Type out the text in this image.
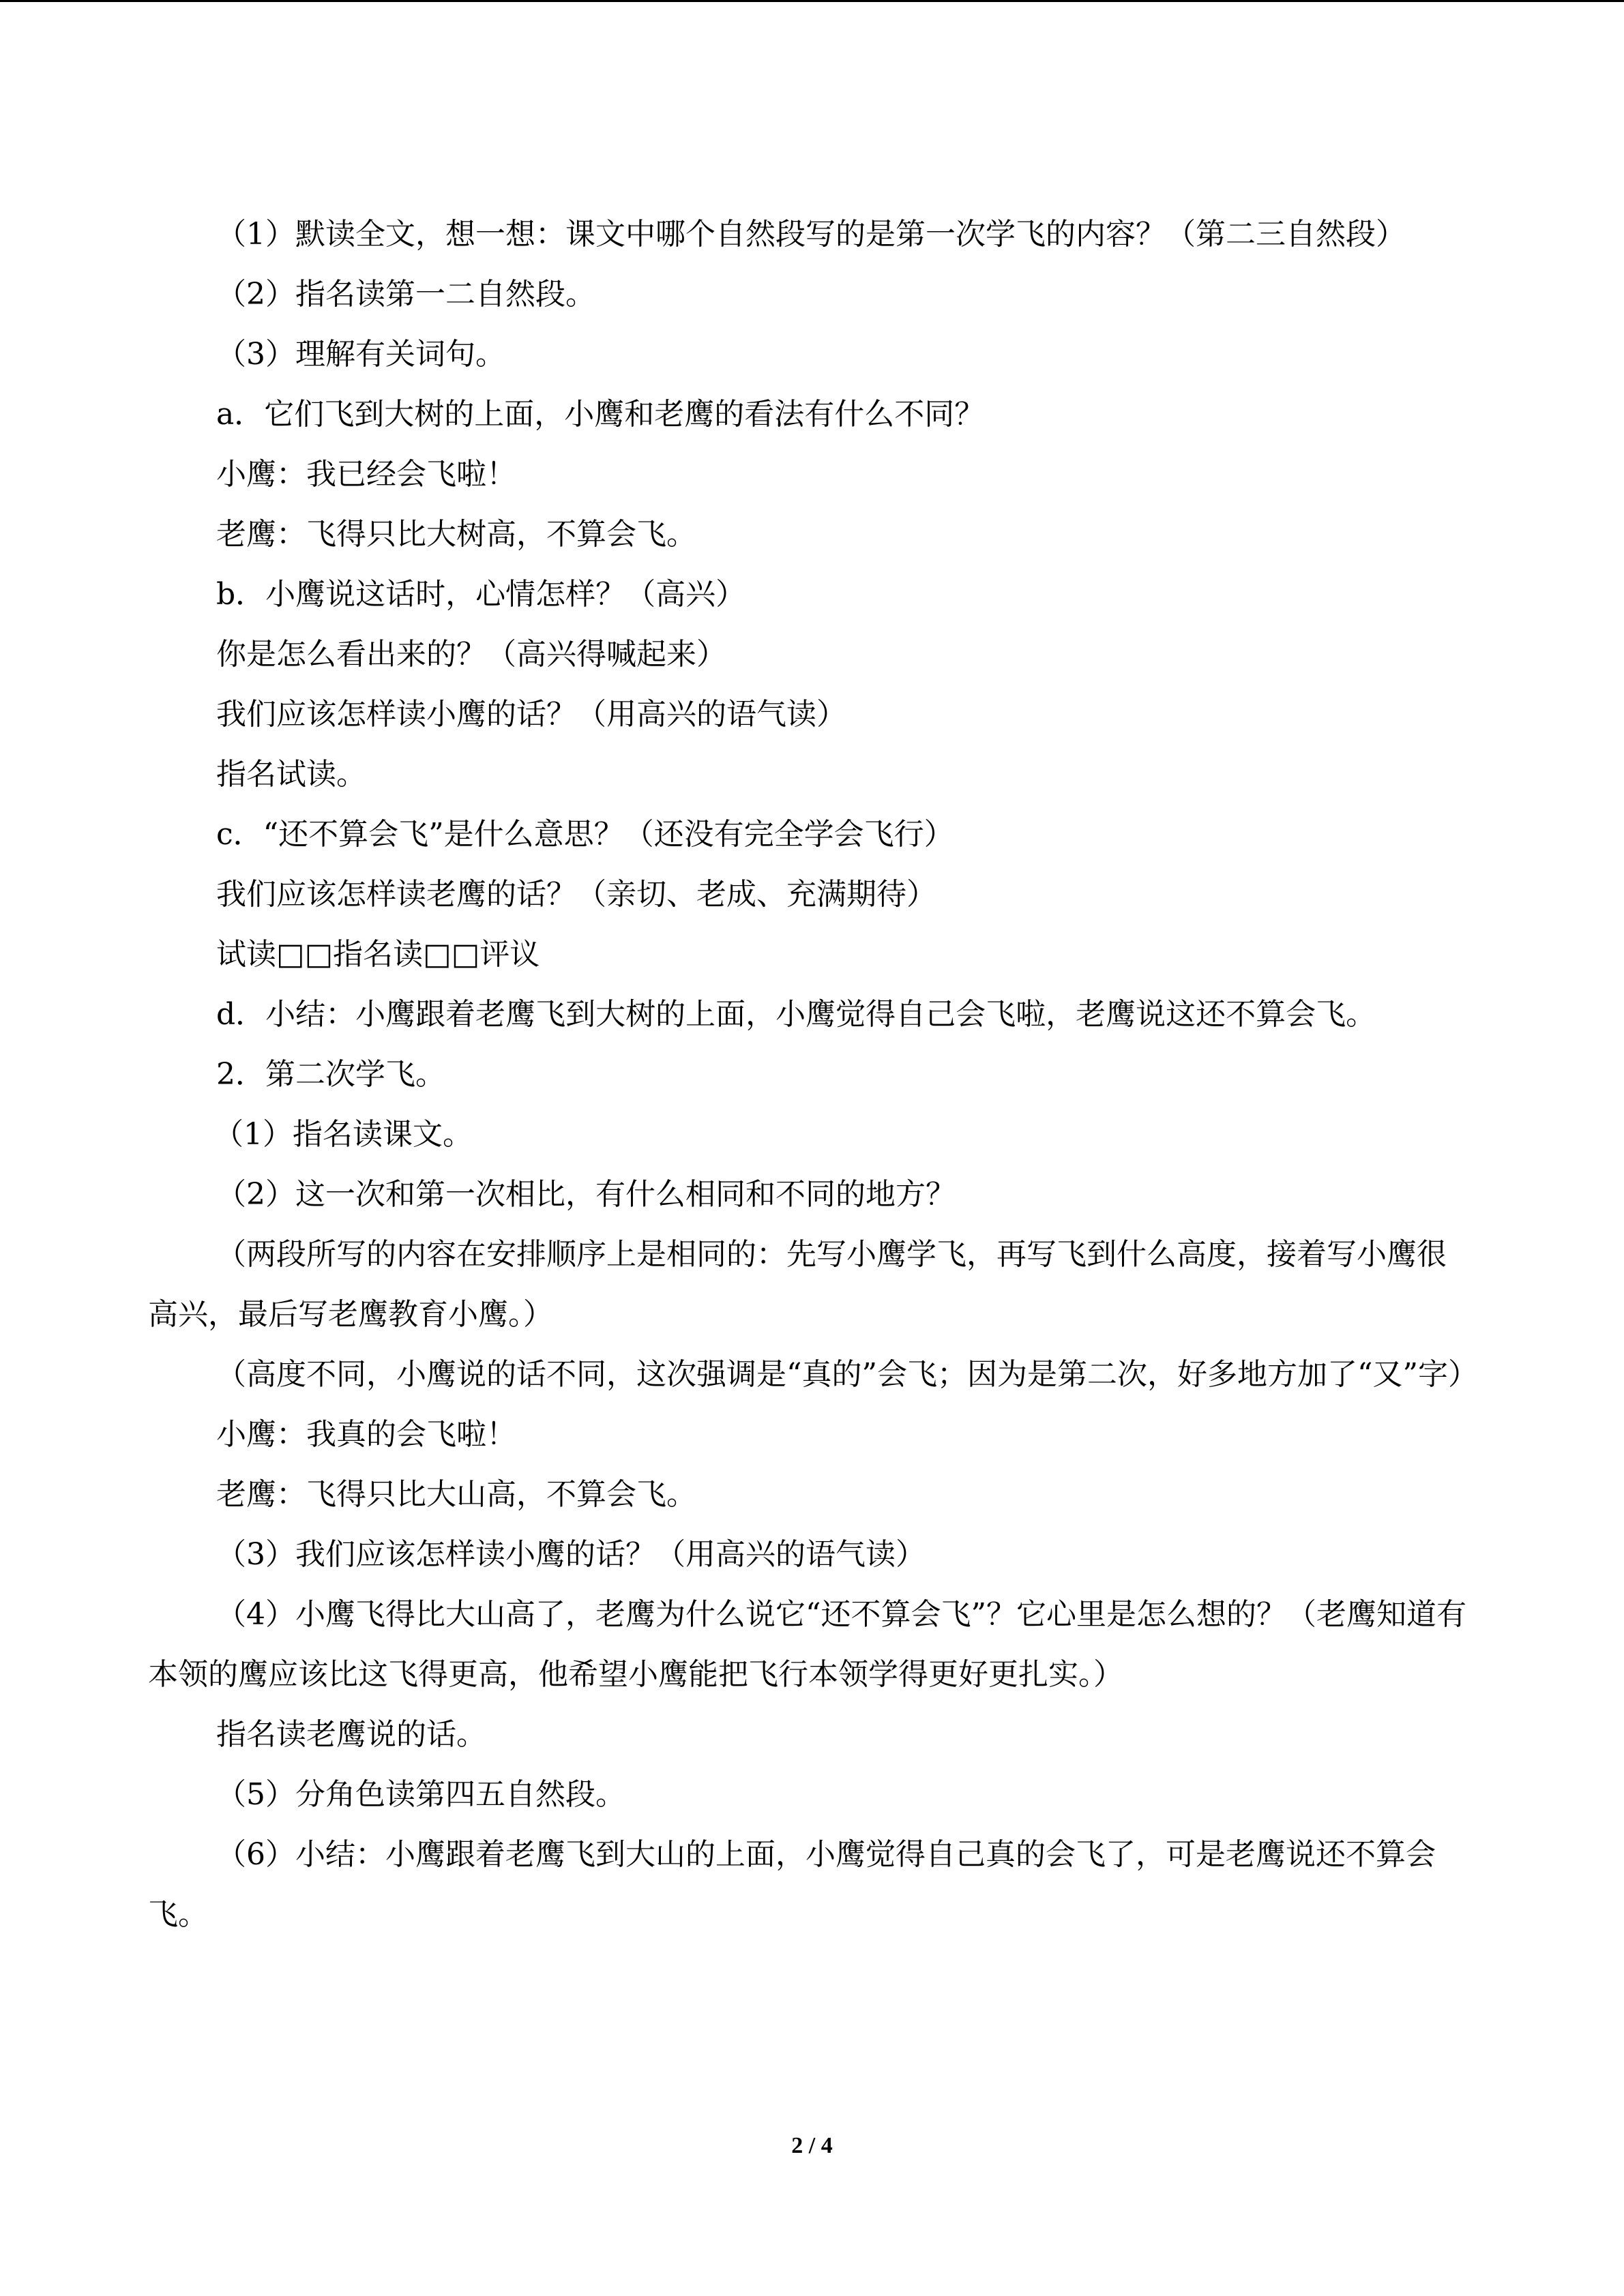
（1）默读全文，想一想：课文中哪个自然段写的是第一次学飞的内容？（第二三自然段）

（2）指名读第一二自然段。

（3）理解有关词句。

a．它们飞到大树的上面，小鹰和老鹰的看法有什么不同？

小鹰：我已经会飞啦！

老鹰：飞得只比大树高，不算会飞。

b．小鹰说这话时，心情怎样？（高兴）

你是怎么看出来的？（高兴得喊起来）

我们应该怎样读小鹰的话？（用高兴的语气读）

指名试读。

c．“还不算会飞”是什么意思？（还没有完全学会飞行）

我们应该怎样读老鹰的话？（亲切、老成、充满期待）

试读□□指名读□□评议

d．小结：小鹰跟着老鹰飞到大树的上面，小鹰觉得自己会飞啦，老鹰说这还不算会飞。

2．第二次学飞。

（1）指名读课文。

（2）这一次和第一次相比，有什么相同和不同的地方？

（两段所写的内容在安排顺序上是相同的：先写小鹰学飞，再写飞到什么高度，接着写小鹰很高兴，最后写老鹰教育小鹰。）

（高度不同，小鹰说的话不同，这次强调是“真的”会飞；因为是第二次，好多地方加了“又”字）

小鹰：我真的会飞啦！

老鹰：飞得只比大山高，不算会飞。

（3）我们应该怎样读小鹰的话？（用高兴的语气读）

（4）小鹰飞得比大山高了，老鹰为什么说它“还不算会飞”？它心里是怎么想的？（老鹰知道有本领的鹰应该比这飞得更高，他希望小鹰能把飞行本领学得更好更扎实。）

指名读老鹰说的话。

（5）分角色读第四五自然段。

（6）小结：小鹰跟着老鹰飞到大山的上面，小鹰觉得自己真的会飞了，可是老鹰说还不算会飞。

2 / 4
